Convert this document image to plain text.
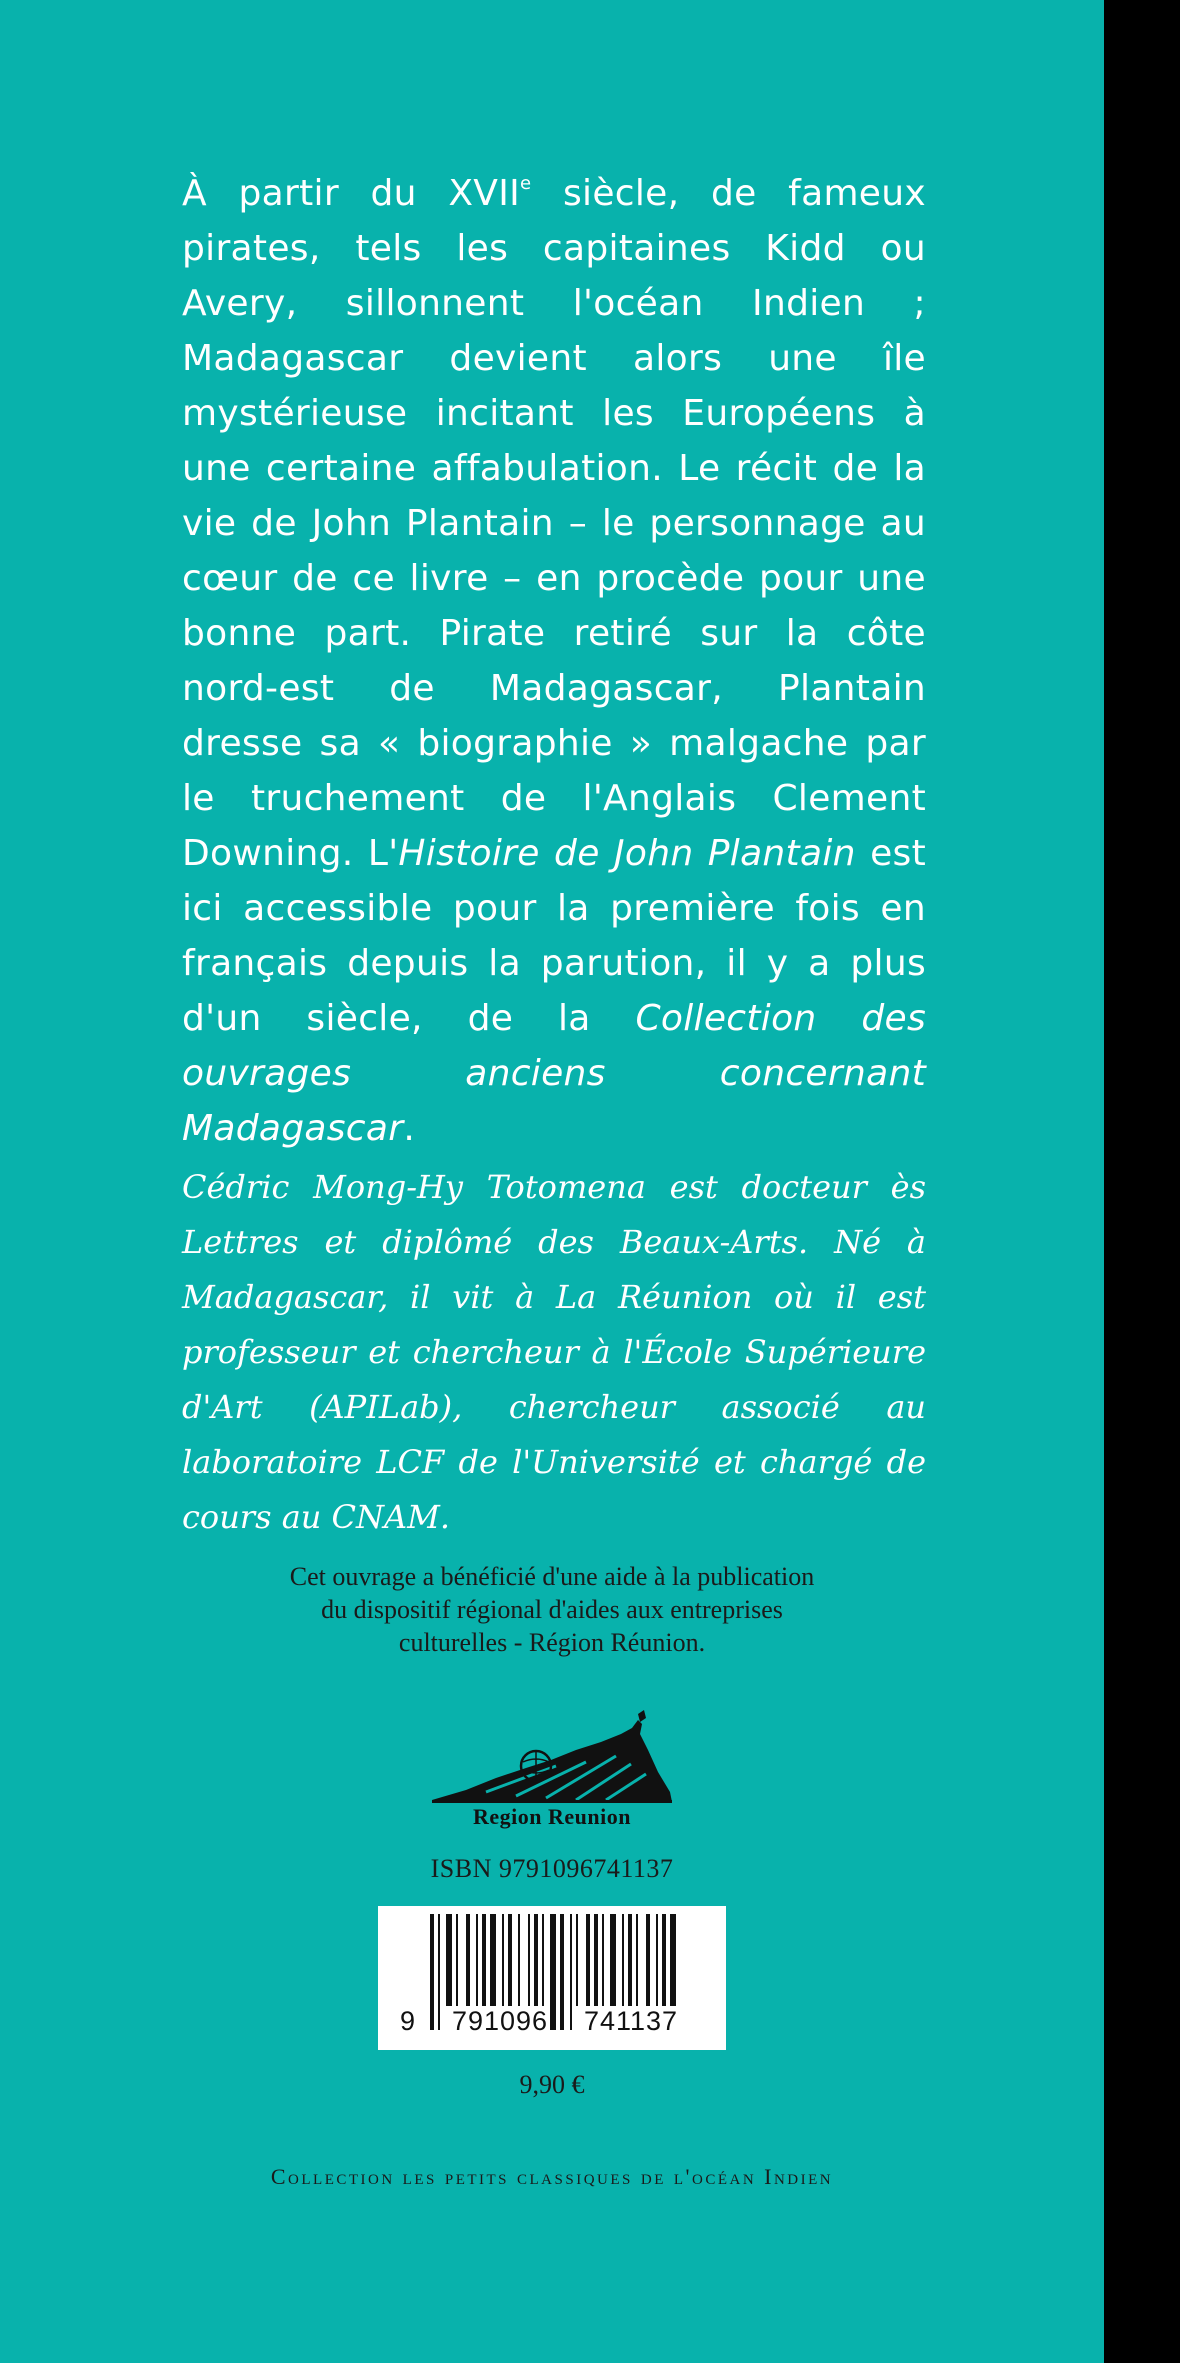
À partir du XVIIe siècle, de fameux pirates, tels les capitaines Kidd ou Avery, sillonnent l'océan Indien ; Madagascar devient alors une île mystérieuse incitant les Européens à une certaine affabulation. Le récit de la vie de John Plantain – le personnage au cœur de ce livre – en procède pour une bonne part. Pirate retiré sur la côte nord-est de Madagascar, Plantain dresse sa « biographie » malgache par le truchement de l'Anglais Clement Downing. L'Histoire de John Plantain est ici accessible pour la première fois en français depuis la parution, il y a plus d'un siècle, de la Collection des ouvrages anciens concernant Madagascar.
Cédric Mong-Hy Totomena est docteur ès Lettres et diplômé des Beaux-Arts. Né à Madagascar, il vit à La Réunion où il est professeur et chercheur à l'École Supérieure d'Art (APILab), chercheur associé au laboratoire LCF de l'Université et chargé de cours au CNAM.
Cet ouvrage a bénéficié d'une aide à la publication
du dispositif régional d'aides aux entreprises
culturelles - Région Réunion.
Region Reunion
ISBN 9791096741137
9 791096	741137
9,90 €
Collection les petits classiques de l'océan Indien
